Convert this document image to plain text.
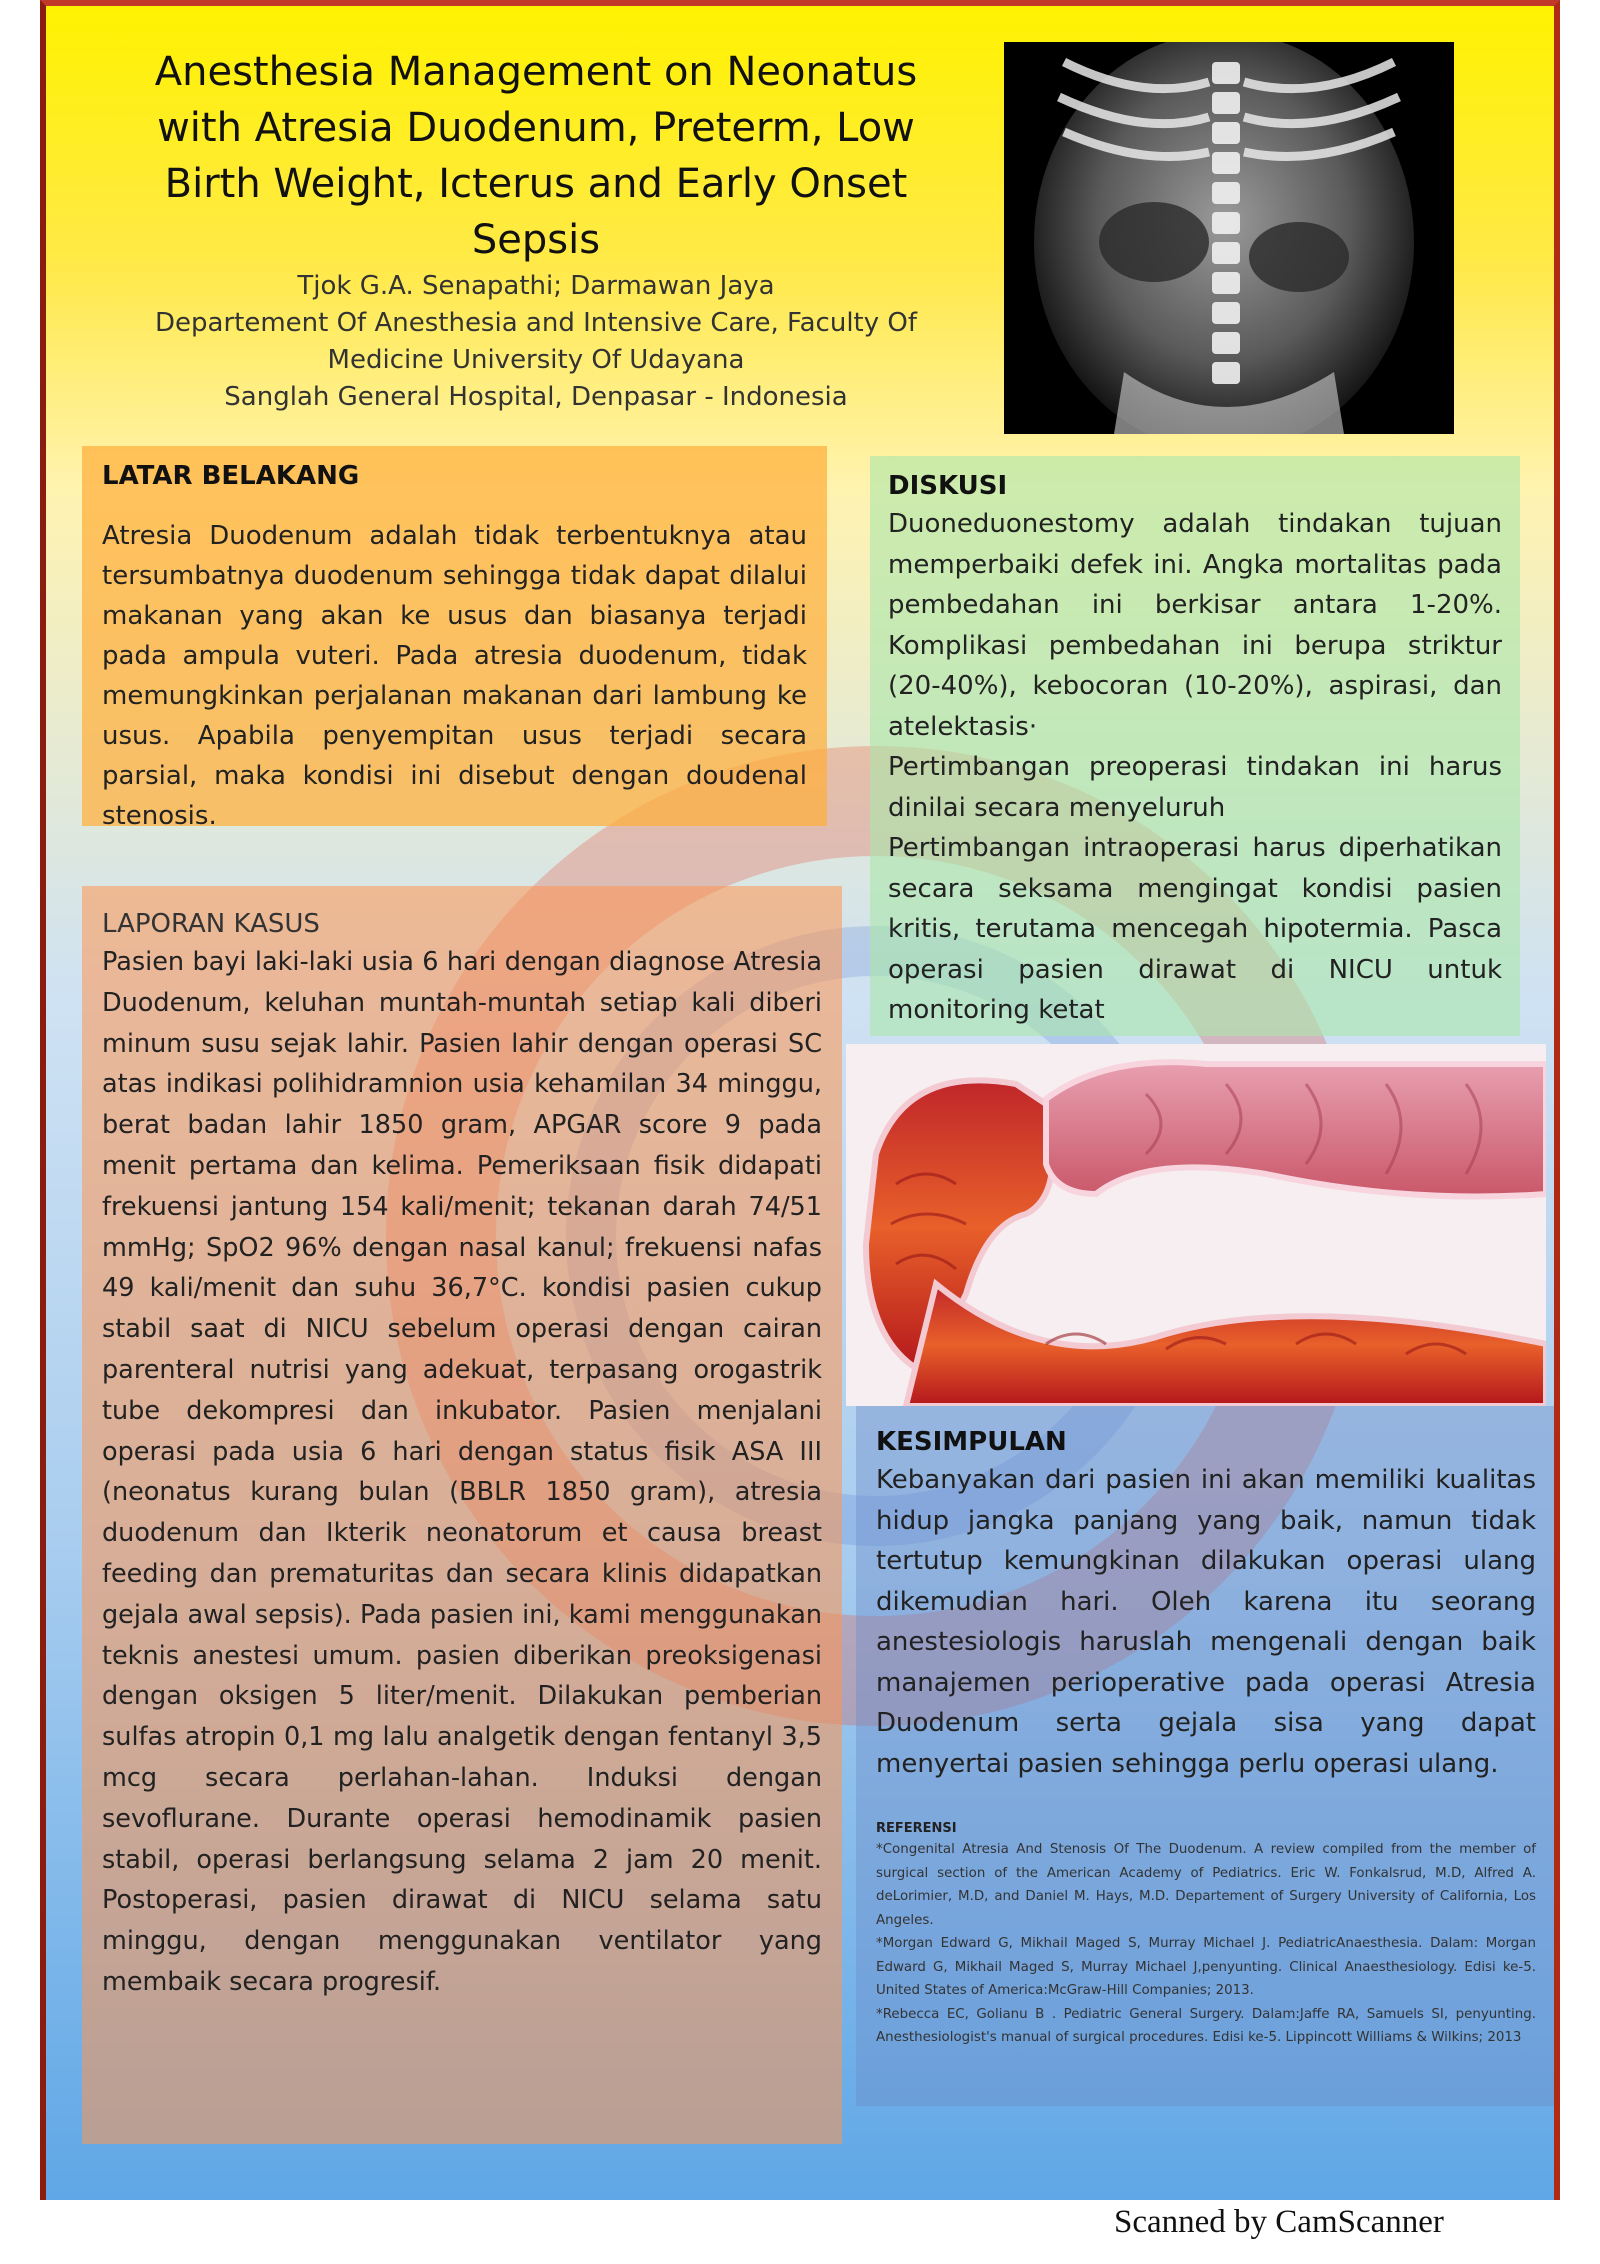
Anesthesia Management on Neonatus with Atresia Duodenum, Preterm, Low Birth Weight, Icterus and Early Onset Sepsis
Tjok G.A. Senapathi; Darmawan Jaya
Departement Of Anesthesia and Intensive Care, Faculty Of
Medicine University Of Udayana
Sanglah General Hospital, Denpasar - Indonesia
LATAR BELAKANG
Atresia Duodenum adalah tidak terbentuknya atau tersumbatnya duodenum sehingga tidak dapat dilalui makanan yang akan ke usus dan biasanya terjadi pada ampula vuteri. Pada atresia duodenum, tidak memungkinkan perjalanan makanan dari lambung ke usus. Apabila penyempitan usus terjadi secara parsial, maka kondisi ini disebut dengan doudenal stenosis.
LAPORAN KASUS
Pasien bayi laki-laki usia 6 hari dengan diagnose Atresia Duodenum, keluhan muntah-muntah setiap kali diberi minum susu sejak lahir. Pasien lahir dengan operasi SC atas indikasi polihidramnion usia kehamilan 34 minggu, berat badan lahir 1850 gram, APGAR score 9 pada menit pertama dan kelima. Pemeriksaan fisik didapati frekuensi jantung 154 kali/menit; tekanan darah 74/51 mmHg; SpO2 96% dengan nasal kanul; frekuensi nafas 49 kali/menit dan suhu 36,7°C. kondisi pasien cukup stabil saat di NICU sebelum operasi dengan cairan parenteral nutrisi yang adekuat, terpasang orogastrik tube dekompresi dan inkubator. Pasien menjalani operasi pada usia 6 hari dengan status fisik ASA III (neonatus kurang bulan (BBLR 1850 gram), atresia duodenum dan Ikterik neonatorum et causa breast feeding dan prematuritas dan secara klinis didapatkan gejala awal sepsis). Pada pasien ini, kami menggunakan teknis anestesi umum. pasien diberikan preoksigenasi dengan oksigen 5 liter/menit. Dilakukan pemberian sulfas atropin 0,1 mg lalu analgetik dengan fentanyl 3,5 mcg secara perlahan-lahan. Induksi dengan sevoflurane. Durante operasi hemodinamik pasien stabil, operasi berlangsung selama 2 jam 20 menit. Postoperasi, pasien dirawat di NICU selama satu minggu, dengan menggunakan ventilator yang membaik secara progresif.
DISKUSI

Duoneduonestomy adalah tindakan tujuan memperbaiki defek ini. Angka mortalitas pada pembedahan ini berkisar antara 1-20%. Komplikasi pembedahan ini berupa striktur (20-40%), kebocoran (10-20%), aspirasi, dan atelektasis·

Pertimbangan preoperasi tindakan ini harus dinilai secara menyeluruh

Pertimbangan intraoperasi harus diperhatikan secara seksama mengingat kondisi pasien kritis, terutama mencegah hipotermia. Pasca operasi pasien dirawat di NICU untuk monitoring ketat

KESIMPULAN
Kebanyakan dari pasien ini akan memiliki kualitas hidup jangka panjang yang baik, namun tidak tertutup kemungkinan dilakukan operasi ulang dikemudian hari. Oleh karena itu seorang anestesiologis haruslah mengenali dengan baik manajemen perioperative pada operasi Atresia Duodenum serta gejala sisa yang dapat menyertai pasien sehingga perlu operasi ulang.
REFERENSI

*Congenital Atresia And Stenosis Of The Duodenum. A review compiled from the member of surgical section of the American Academy of Pediatrics. Eric W. Fonkalsrud, M.D, Alfred A. deLorimier, M.D, and Daniel M. Hays, M.D. Departement of Surgery University of California, Los Angeles.

*Morgan Edward G, Mikhail Maged S, Murray Michael J. PediatricAnaesthesia. Dalam: Morgan Edward G, Mikhail Maged S, Murray Michael J,penyunting. Clinical Anaesthesiology. Edisi ke-5. United States of America:McGraw-Hill Companies; 2013.

*Rebecca EC, Golianu B . Pediatric General Surgery. Dalam:Jaffe RA, Samuels SI, penyunting. Anesthesiologist's manual of surgical procedures. Edisi ke-5. Lippincott Williams & Wilkins; 2013

Scanned by CamScanner
